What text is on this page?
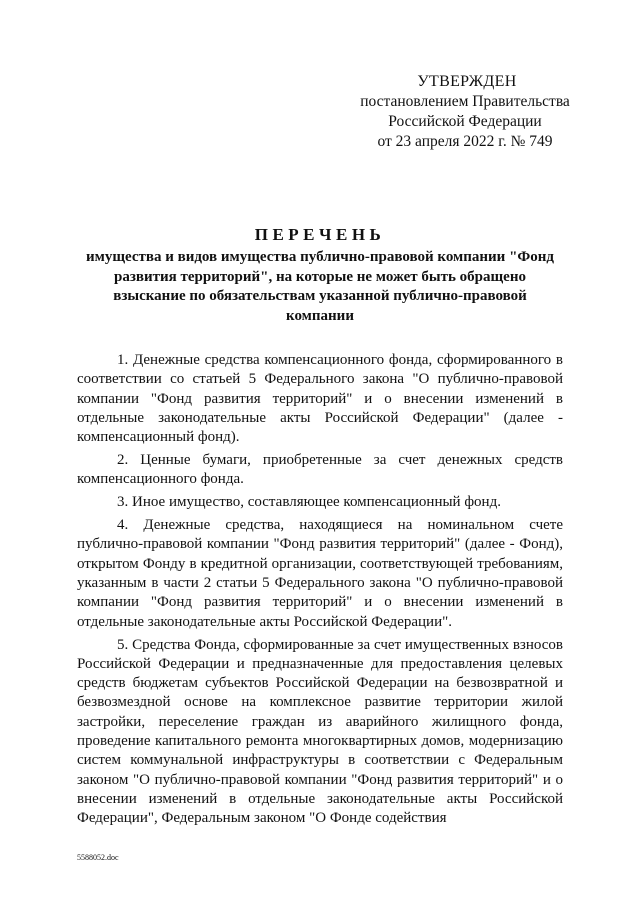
УТВЕРЖДЕН
постановлением Правительства
Российской Федерации
от 23 апреля 2022 г. № 749
ПЕРЕЧЕНЬ
имущества и видов имущества публично-правовой компании "Фонд развития территорий", на которые не может быть обращено взыскание по обязательствам указанной публично-правовой компании

1. Денежные средства компенсационного фонда, сформированного в соответствии со статьей 5 Федерального закона "О публично-правовой компании "Фонд развития территорий" и о внесении изменений в отдельные законодательные акты Российской Федерации" (далее - компенсационный фонд).

2. Ценные бумаги, приобретенные за счет денежных средств компенсационного фонда.

3. Иное имущество, составляющее компенсационный фонд.

4. Денежные средства, находящиеся на номинальном счете публично-правовой компании "Фонд развития территорий" (далее - Фонд), открытом Фонду в кредитной организации, соответствующей требованиям, указанным в части 2 статьи 5 Федерального закона "О публично-правовой компании "Фонд развития территорий" и о внесении изменений в отдельные законодательные акты Российской Федерации".

5. Средства Фонда, сформированные за счет имущественных взносов Российской Федерации и предназначенные для предоставления целевых средств бюджетам субъектов Российской Федерации на безвозвратной и безвозмездной основе на комплексное развитие территории жилой застройки, переселение граждан из аварийного жилищного фонда, проведение капитального ремонта многоквартирных домов, модернизацию систем коммунальной инфраструктуры в соответствии с Федеральным законом "О публично-правовой компании "Фонд развития территорий" и о внесении изменений в отдельные законодательные акты Российской Федерации", Федеральным законом "О Фонде содействия

5588052.doc
